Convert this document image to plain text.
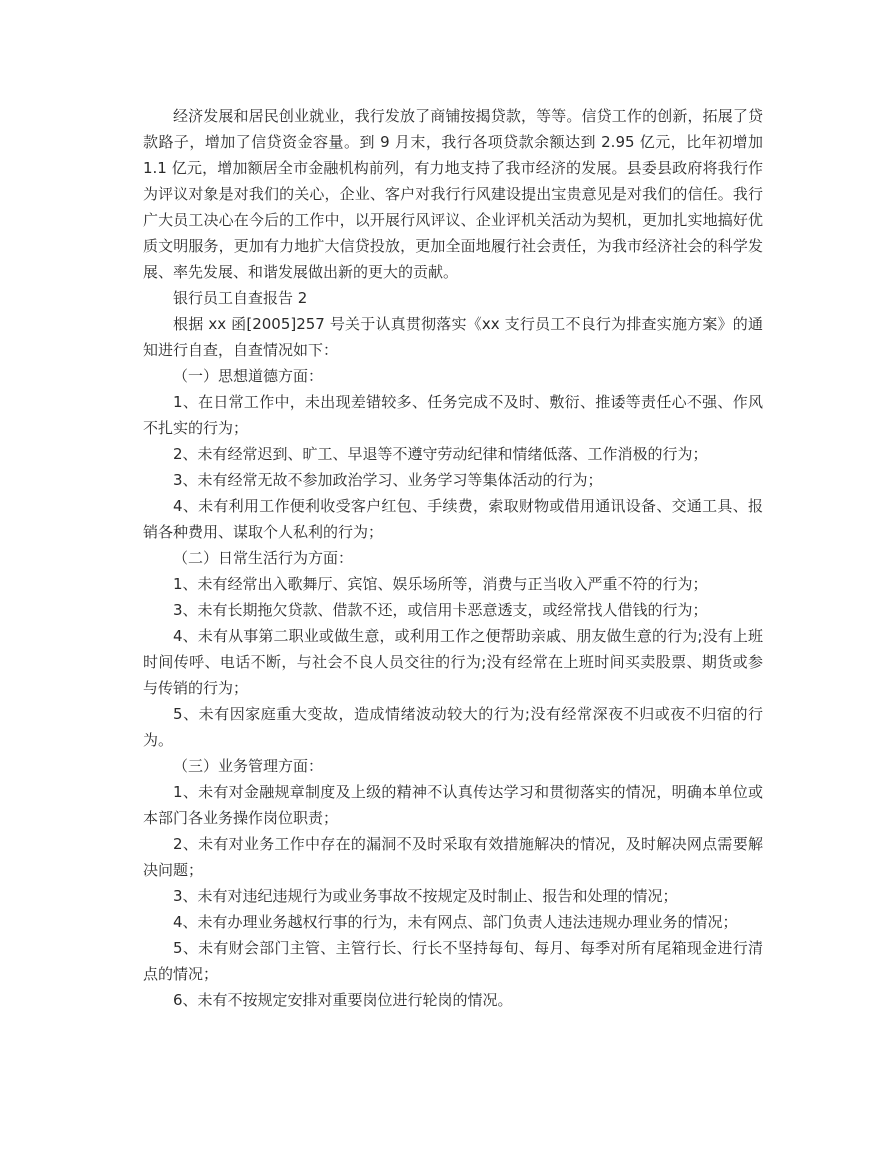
经济发展和居民创业就业，我行发放了商铺按揭贷款，等等。信贷工作的创新，拓展了贷款路子，增加了信贷资金容量。到 9 月末，我行各项贷款余额达到 2.95 亿元，比年初增加 1.1 亿元，增加额居全市金融机构前列，有力地支持了我市经济的发展。县委县政府将我行作为评议对象是对我们的关心，企业、客户对我行行风建设提出宝贵意见是对我们的信任。我行广大员工决心在今后的工作中，以开展行风评议、企业评机关活动为契机，更加扎实地搞好优质文明服务，更加有力地扩大信贷投放，更加全面地履行社会责任，为我市经济社会的科学发展、率先发展、和谐发展做出新的更大的贡献。

银行员工自查报告 2

根据 xx 函[2005]257 号关于认真贯彻落实《xx 支行员工不良行为排查实施方案》的通知进行自查，自查情况如下：

（一）思想道德方面：

1、在日常工作中，未出现差错较多、任务完成不及时、敷衍、推诿等责任心不强、作风不扎实的行为；

2、未有经常迟到、旷工、早退等不遵守劳动纪律和情绪低落、工作消极的行为；

3、未有经常无故不参加政治学习、业务学习等集体活动的行为；

4、未有利用工作便利收受客户红包、手续费，索取财物或借用通讯设备、交通工具、报销各种费用、谋取个人私利的行为；

（二）日常生活行为方面：

1、未有经常出入歌舞厅、宾馆、娱乐场所等，消费与正当收入严重不符的行为；

3、未有长期拖欠贷款、借款不还，或信用卡恶意透支，或经常找人借钱的行为；

4、未有从事第二职业或做生意，或利用工作之便帮助亲戚、朋友做生意的行为;没有上班时间传呼、电话不断，与社会不良人员交往的行为;没有经常在上班时间买卖股票、期货或参与传销的行为；

5、未有因家庭重大变故，造成情绪波动较大的行为;没有经常深夜不归或夜不归宿的行为。

（三）业务管理方面：

1、未有对金融规章制度及上级的精神不认真传达学习和贯彻落实的情况，明确本单位或本部门各业务操作岗位职责；

2、未有对业务工作中存在的漏洞不及时采取有效措施解决的情况，及时解决网点需要解决问题；

3、未有对违纪违规行为或业务事故不按规定及时制止、报告和处理的情况；

4、未有办理业务越权行事的行为，未有网点、部门负责人违法违规办理业务的情况；

5、未有财会部门主管、主管行长、行长不坚持每旬、每月、每季对所有尾箱现金进行清点的情况；

6、未有不按规定安排对重要岗位进行轮岗的情况。
